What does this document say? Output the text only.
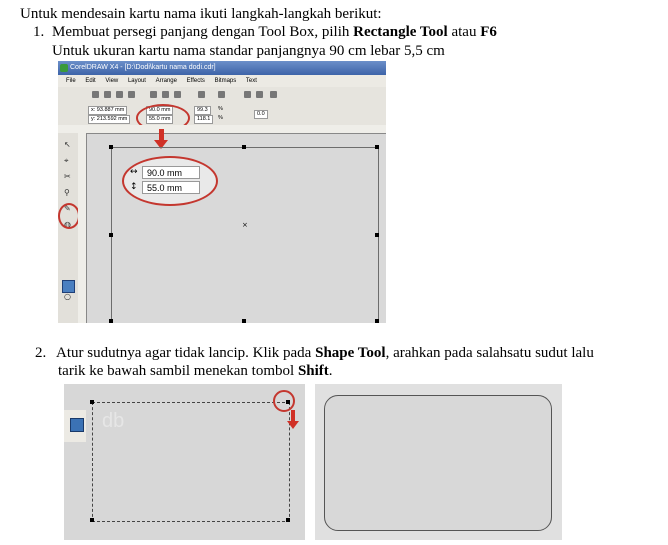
Untuk mendesain kartu nama ikuti langkah-langkah berikut:
1. Membuat persegi panjang dengan Tool Box, pilih Rectangle Tool atau F6
Untuk ukuran kartu nama standar panjangnya 90 cm lebar 5,5 cm
CorelDRAW X4 - [D:\Dodi\kartu nama dodi.cdr]
File Edit View Layout Arrange Effects Bitmaps Text
x: 93.887 mm
y: 213.592 mm
90.0 mm
55.0 mm
99.3
118.1
%
%
0.0
↖
⌖
✂
⚲
✎
◍
○
×
↔	90.0 mm
↕	55.0 mm
2. Atur sudutnya agar tidak lancip. Klik pada Shape Tool, arahkan pada salahsatu sudut lalu
tarik ke bawah sambil menekan tombol Shift.
db
